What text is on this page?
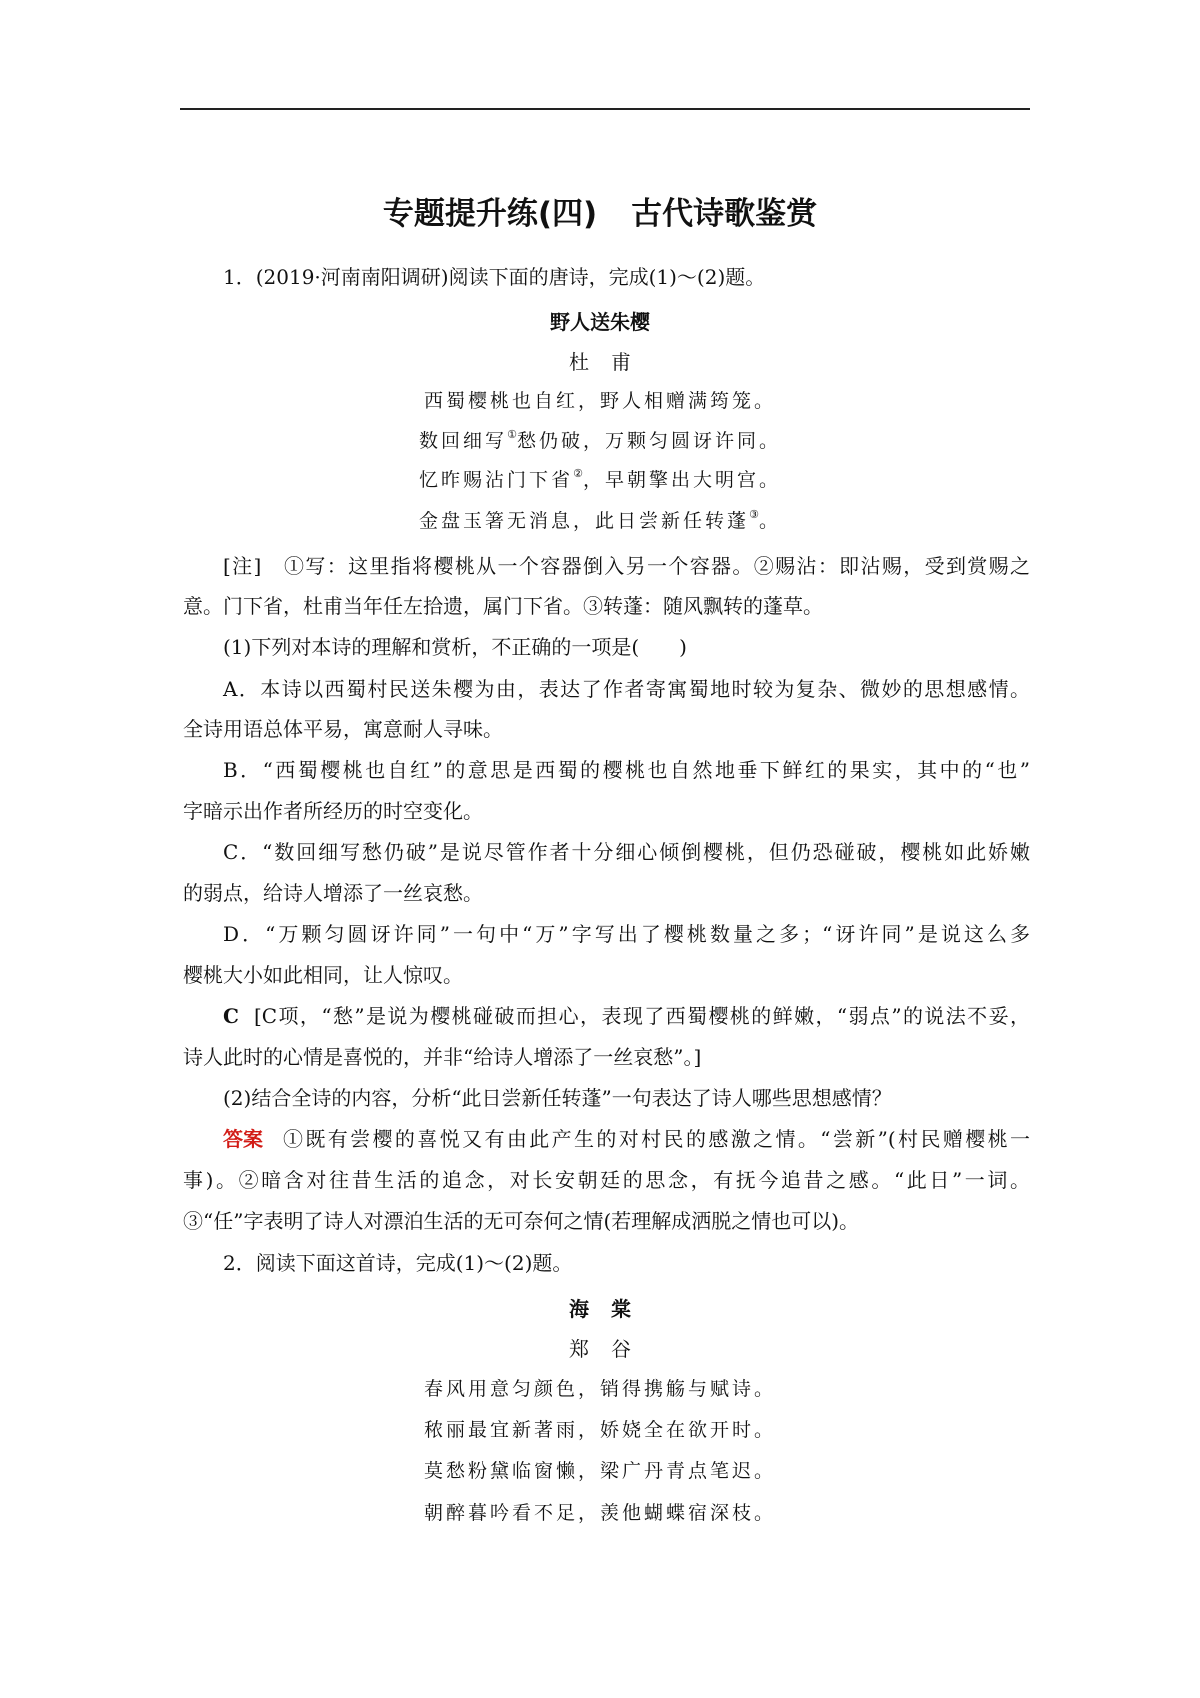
专题提升练(四) 古代诗歌鉴赏
1．(2019·河南南阳调研)阅读下面的唐诗，完成(1)～(2)题。
野人送朱樱
杜甫
西蜀樱桃也自红，野人相赠满筠笼。
数回细写①愁仍破，万颗匀圆讶许同。
忆昨赐沾门下省②，早朝擎出大明宫。
金盘玉箸无消息，此日尝新任转蓬③。
[注]　①写：这里指将樱桃从一个容器倒入另一个容器。②赐沾：即沾赐，受到赏赐之
意。门下省，杜甫当年任左拾遗，属门下省。③转蓬：随风飘转的蓬草。
(1)下列对本诗的理解和赏析，不正确的一项是(　　)
A．本诗以西蜀村民送朱樱为由，表达了作者寄寓蜀地时较为复杂、微妙的思想感情。
全诗用语总体平易，寓意耐人寻味。
B．“西蜀樱桃也自红”的意思是西蜀的樱桃也自然地垂下鲜红的果实，其中的“也”
字暗示出作者所经历的时空变化。
C．“数回细写愁仍破”是说尽管作者十分细心倾倒樱桃，但仍恐碰破，樱桃如此娇嫩
的弱点，给诗人增添了一丝哀愁。
D．“万颗匀圆讶许同”一句中“万”字写出了樱桃数量之多；“讶许同”是说这么多
樱桃大小如此相同，让人惊叹。
C [C项，“愁”是说为樱桃碰破而担心，表现了西蜀樱桃的鲜嫩，“弱点”的说法不妥，
诗人此时的心情是喜悦的，并非“给诗人增添了一丝哀愁”。]
(2)结合全诗的内容，分析“此日尝新任转蓬”一句表达了诗人哪些思想感情？
答案 ①既有尝樱的喜悦又有由此产生的对村民的感激之情。“尝新”(村民赠樱桃一
事)。②暗含对往昔生活的追念，对长安朝廷的思念，有抚今追昔之感。“此日”一词。
③“任”字表明了诗人对漂泊生活的无可奈何之情(若理解成洒脱之情也可以)。
2．阅读下面这首诗，完成(1)～(2)题。
海棠
郑谷
春风用意匀颜色，销得携觞与赋诗。
秾丽最宜新著雨，娇娆全在欲开时。
莫愁粉黛临窗懒，梁广丹青点笔迟。
朝醉暮吟看不足，羡他蝴蝶宿深枝。
